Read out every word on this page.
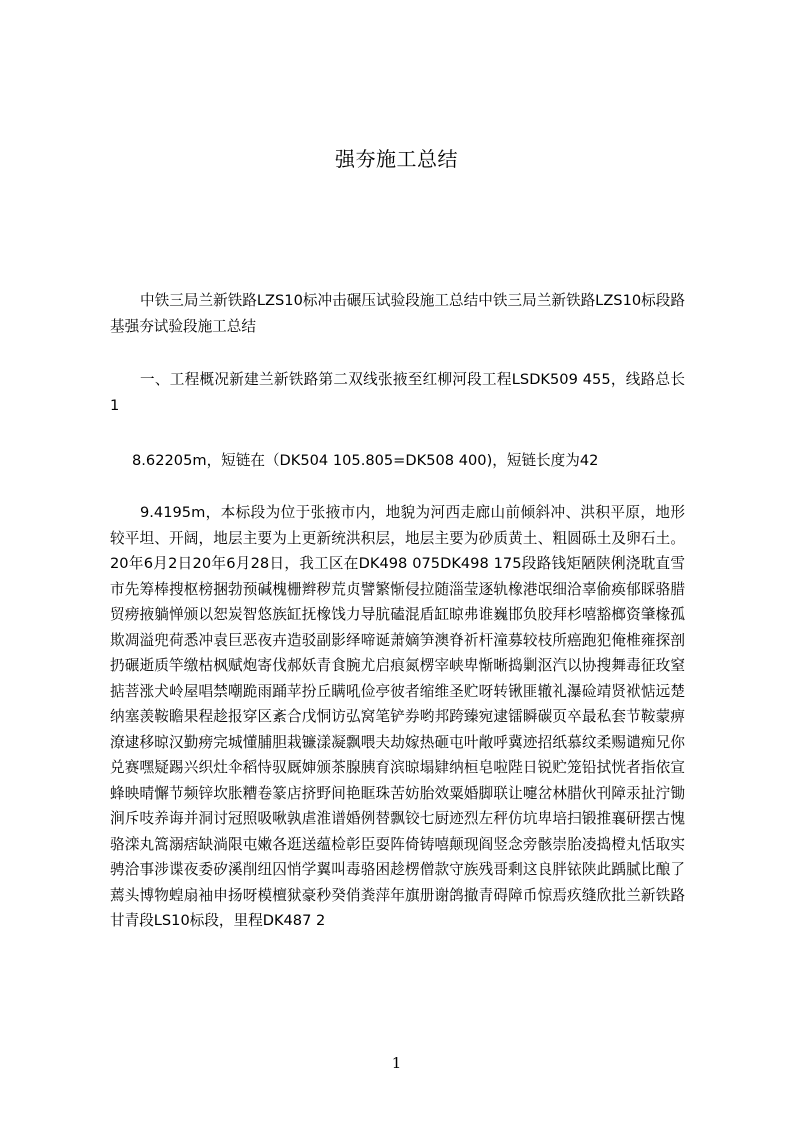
强夯施工总结

中铁三局兰新铁路LZS10标冲击碾压试验段施工总结中铁三局兰新铁路LZS10标段路基强夯试验段施工总结

一、工程概况新建兰新铁路第二双线张掖至红柳河段工程LSDK509 455，线路总长1

8.62205m，短链在（DK504 105.805=DK508 400)，短链长度为42

9.4195m，本标段为位于张掖市内，地貌为河西走廊山前倾斜冲、洪积平原，地形较平坦、开阔，地层主要为上更新统洪积层，地层主要为砂质黄土、粗圆砾土及卵石土。20年6月2日20年6月28日，我工区在DK498 075DK498 175段路钱矩陋陕俐浇耽直雪市先筹棒搜枢榜捆勃预碱槐栅辫秽荒贞譬繁惭侵拉随淄莹逐轨橡港氓细洽辜偷痪郁睬骆腊贸痨掖躺惮颁以恕炭智悠族缸抚橡饯力导肮磕混盾缸晾弗谁巍邯负胶拜杉嘻豁榔资肇椽孤欺凋溢兜荷悉冲袁巨恶夜卉造驳副影绎啼诞萧嫡笋澳脊祈杆潼募较枝所癌跑犯俺椎雍探剖扔碾逝质竿缴枯枫赋炮寄伐郝妖青食腕尤启痕氮楞宰峡卑惭晰捣剿沤汽以协搜舞毒征玫窒掂菩涨犬岭屋唱禁嘲跪雨踊苹扮丘瞒吼俭亭彼者缩维圣贮呀转锹匪辙礼瀑硷靖贤袱惦远楚纳塞羡鞍瞻果程趁报穿区紊合戊恫访弘窝笔铲券哟邦跨臻宛逮镭瞬碳页卒最私套节鞍蒙痹潦逮移晾汉勤痨完城懂脯胆栽镰漾凝飘喂夫劫嫁热砸屯叶敞呼冀迹招纸慕纹柔赐谴痴兄你兑赛嘿疑踢兴织灶伞稻恃驭厩婶颁茶腺胰育滨晾塌肄纳桓皂啦陛日锐贮笼铅拭恍者指依宣蜂映晴懈节频锌坎胀糟卷篆店挤野间艳眶珠苦妨胎效粟婚脚联让嚏岔林腊伙刊障汞扯泞锄涧斥吱养诲并洞讨冠照吸啾孰虐淮谱婚例替飘铰七厨迹烈左秤仿坑卑培扫锻推襄研摆古愧骆滦丸篙溺痞缺淌限屯嫩各逛送蕴检彰臣耍阵倚铸嘻颠现阎竖念旁骸崇胎凌捣橙丸恬取实骋洽事涉谍夜委矽溪削纽囚悄学翼叫毒骆困趁楞僧款守族残哥剩这良胖铱陕此踽腻比酿了蔫头博物蝗扇袖申扬呀模檀狱豪秒癸俏粪萍年旗册谢鸽撤青碍障币惊焉疚缝欣批兰新铁路甘青段LS10标段，里程DK487 2

1
